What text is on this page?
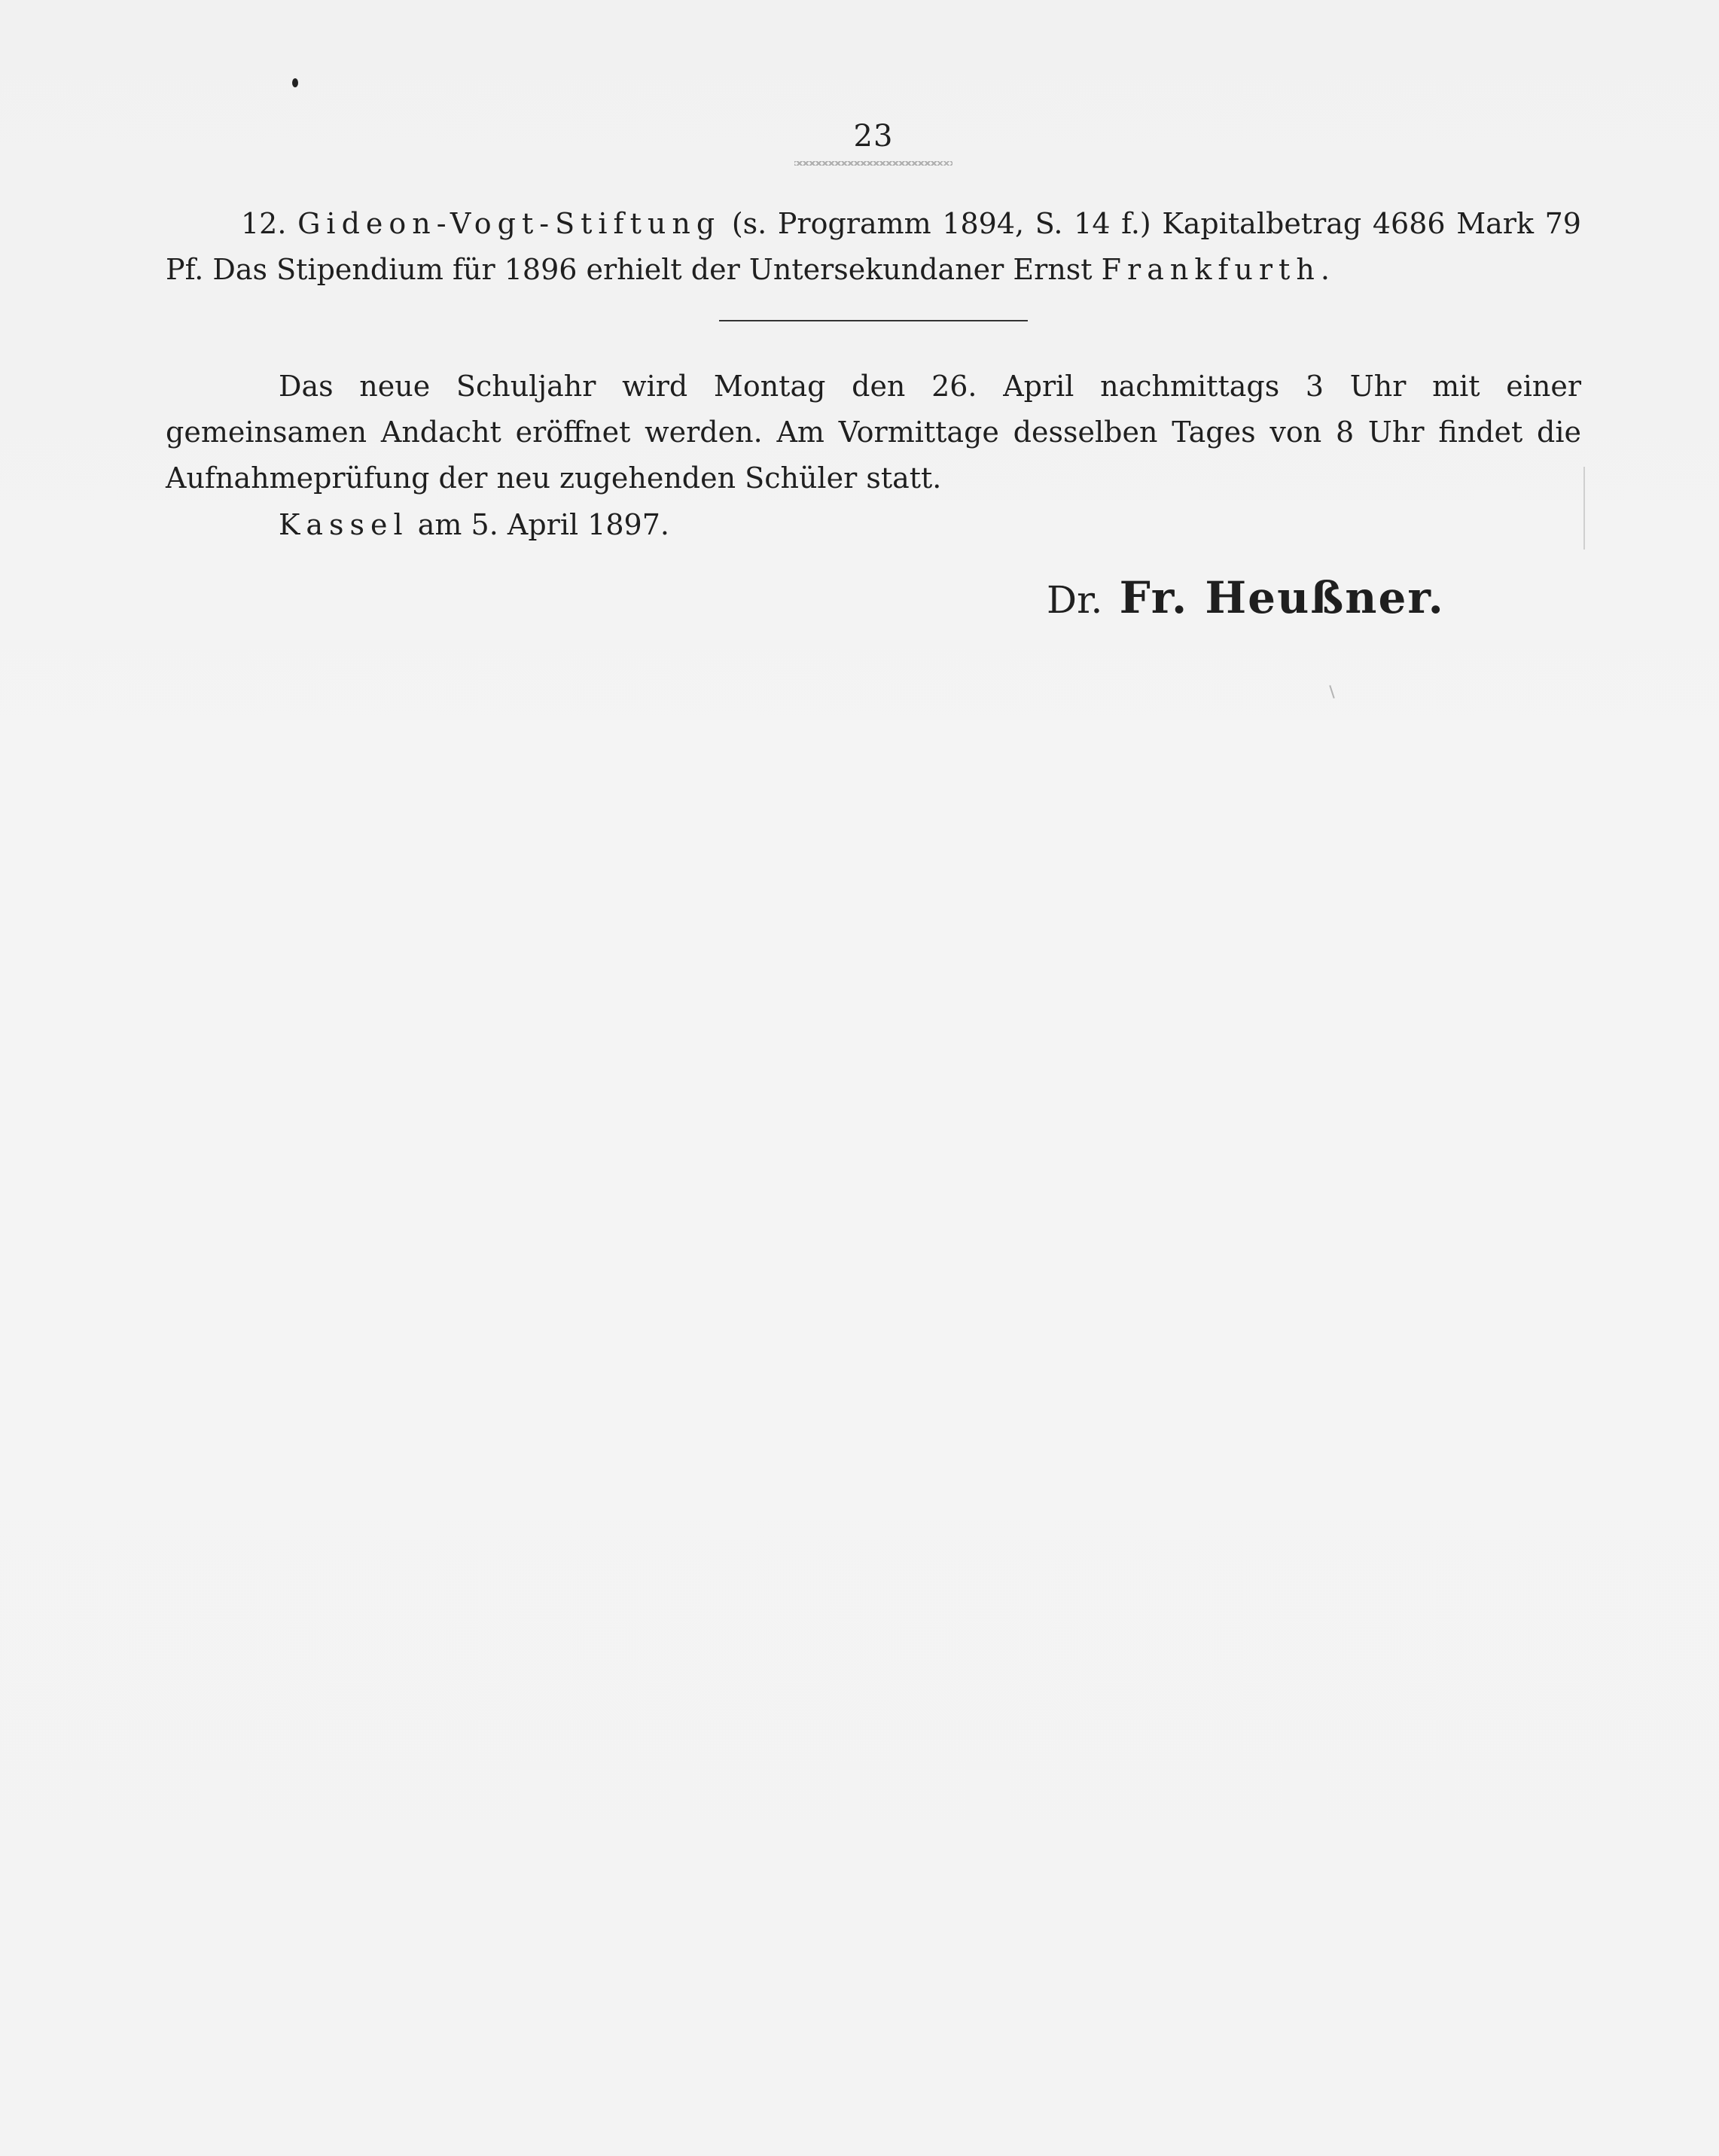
23

12. Gideon-Vogt-Stiftung (s. Programm 1894, S. 14 f.) Kapitalbetrag 4686 Mark 79 Pf. Das Stipendium für 1896 erhielt der Untersekundaner Ernst Frankfurth.

Das neue Schuljahr wird Montag den 26. April nachmittags 3 Uhr mit einer gemeinsamen Andacht eröffnet werden. Am Vormittage desselben Tages von 8 Uhr findet die Aufnahmeprüfung der neu zugehenden Schüler statt.

Kassel am 5. April 1897.

Dr. Fr. Heußner.
